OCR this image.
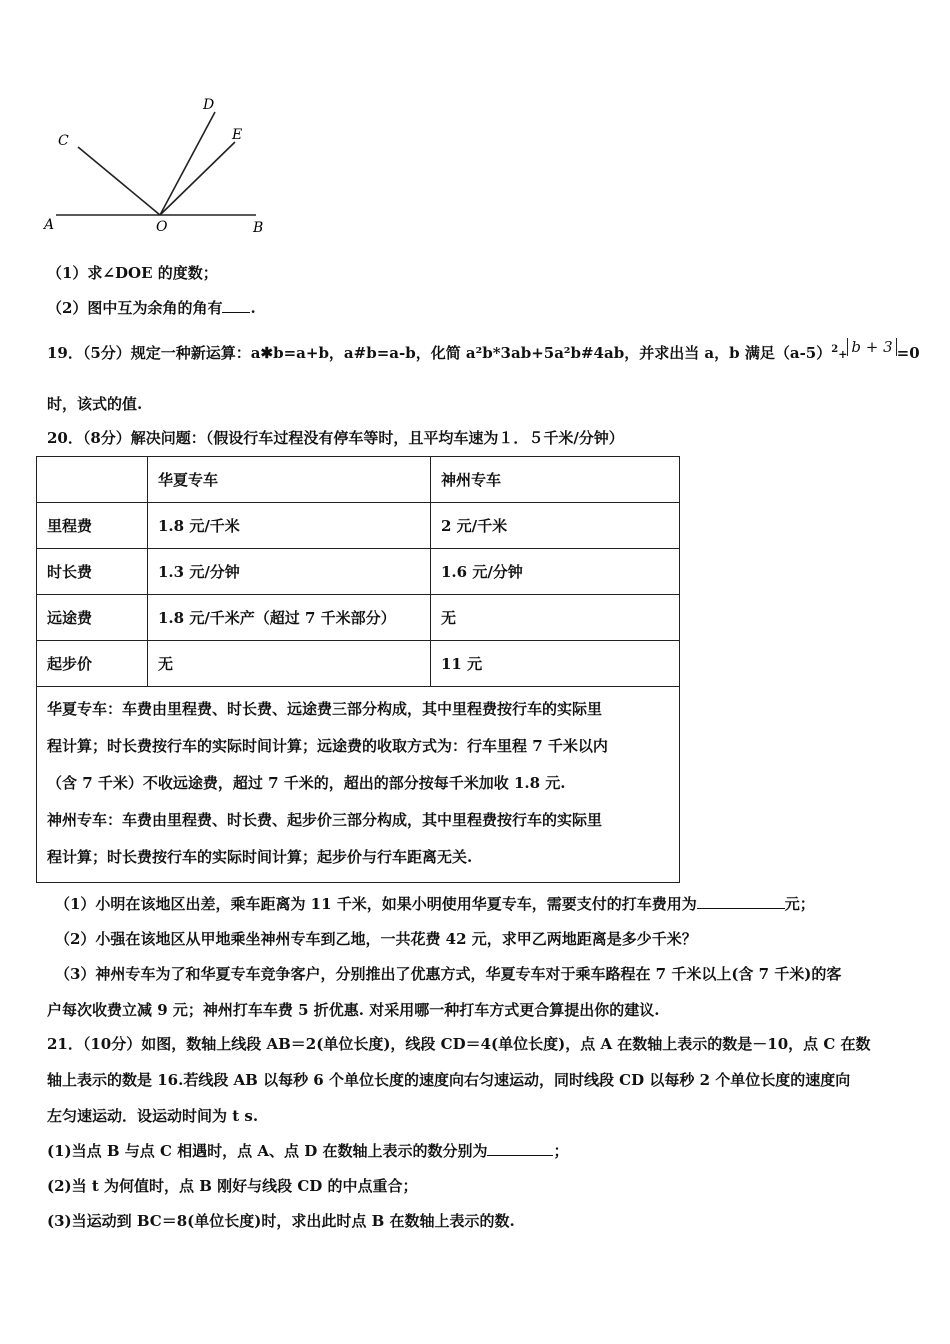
A	O	B
C
D
E
（1）求∠DOE 的度数；
（2）图中互为余角的角有 .
19．（5分）规定一种新运算：a✱b=a+b，a#b=a-b，化简 a²b*3ab+5a²b#4ab，并求出当 a，b 满足$(a-5)^2+ b + 3 =0$
时，该式的值.
20．（8分）解决问题：（假设行车过程没有停车等时，且平均车速为１．５千米/分钟）
	华夏专车	神州专车
里程费	1.8 元/千米	2 元/千米
时长费	1.3 元/分钟	1.6 元/分钟
远途费	1.8 元/千米产（超过 7 千米部分）	无
起步价	无	11 元

华夏专车：车费由里程费、时长费、远途费三部分构成，其中里程费按行车的实际里
程计算；时长费按行车的实际时间计算；远途费的收取方式为：行车里程 7 千米以内
（含 7 千米）不收远途费，超过 7 千米的，超出的部分按每千米加收 1.8 元.
神州专车：车费由里程费、时长费、起步价三部分构成，其中里程费按行车的实际里
程计算；时长费按行车的实际时间计算；起步价与行车距离无关.		
（1）小明在该地区出差，乘车距离为 11 千米，如果小明使用华夏专车，需要支付的打车费用为	元；
（2）小强在该地区从甲地乘坐神州专车到乙地，一共花费 42 元，求甲乙两地距离是多少千米？
（3）神州专车为了和华夏专车竞争客户，分别推出了优惠方式，华夏专车对于乘车路程在 7 千米以上(含 7 千米)的客
户每次收费立减 9 元；神州打车车费 5 折优惠. 对采用哪一种打车方式更合算提出你的建议.
21．（10分）如图，数轴上线段 AB＝2(单位长度)，线段 CD＝4(单位长度)，点 A 在数轴上表示的数是－10，点 C 在数
轴上表示的数是 16.若线段 AB 以每秒 6 个单位长度的速度向右匀速运动，同时线段 CD 以每秒 2 个单位长度的速度向
左匀速运动．设运动时间为 t s.
(1)当点 B 与点 C 相遇时，点 A、点 D 在数轴上表示的数分别为	；
(2)当 t 为何值时，点 B 刚好与线段 CD 的中点重合；
(3)当运动到 BC＝8(单位长度)时，求出此时点 B 在数轴上表示的数.
